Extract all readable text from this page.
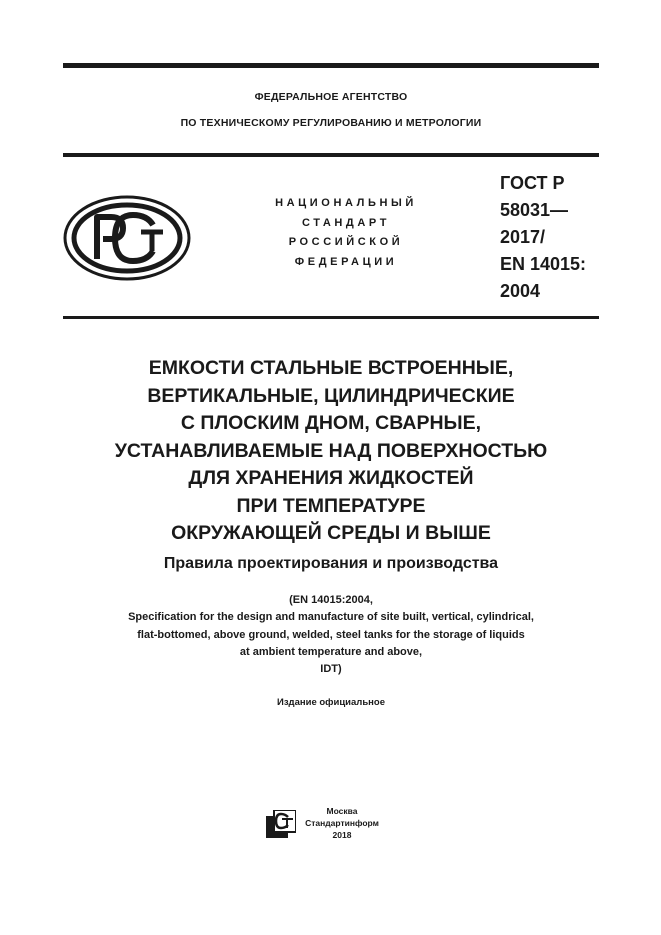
ФЕДЕРАЛЬНОЕ АГЕНТСТВО
ПО ТЕХНИЧЕСКОМУ РЕГУЛИРОВАНИЮ И МЕТРОЛОГИИ
НАЦИОНАЛЬНЫЙ
СТАНДАРТ
РОССИЙСКОЙ
ФЕДЕРАЦИИ
ГОСТ Р
58031—
2017/
EN 14015:
2004
ЕМКОСТИ СТАЛЬНЫЕ ВСТРОЕННЫЕ,
ВЕРТИКАЛЬНЫЕ, ЦИЛИНДРИЧЕСКИЕ
С ПЛОСКИМ ДНОМ, СВАРНЫЕ,
УСТАНАВЛИВАЕМЫЕ НАД ПОВЕРХНОСТЬЮ
ДЛЯ ХРАНЕНИЯ ЖИДКОСТЕЙ
ПРИ ТЕМПЕРАТУРЕ
ОКРУЖАЮЩЕЙ СРЕДЫ И ВЫШЕ
Правила проектирования и производства
(EN 14015:2004,
Specification for the design and manufacture of site built, vertical, cylindrical,
flat-bottomed, above ground, welded, steel tanks for the storage of liquids
at ambient temperature and above,
IDT)
Издание официальное
Москва
Стандартинформ
2018
